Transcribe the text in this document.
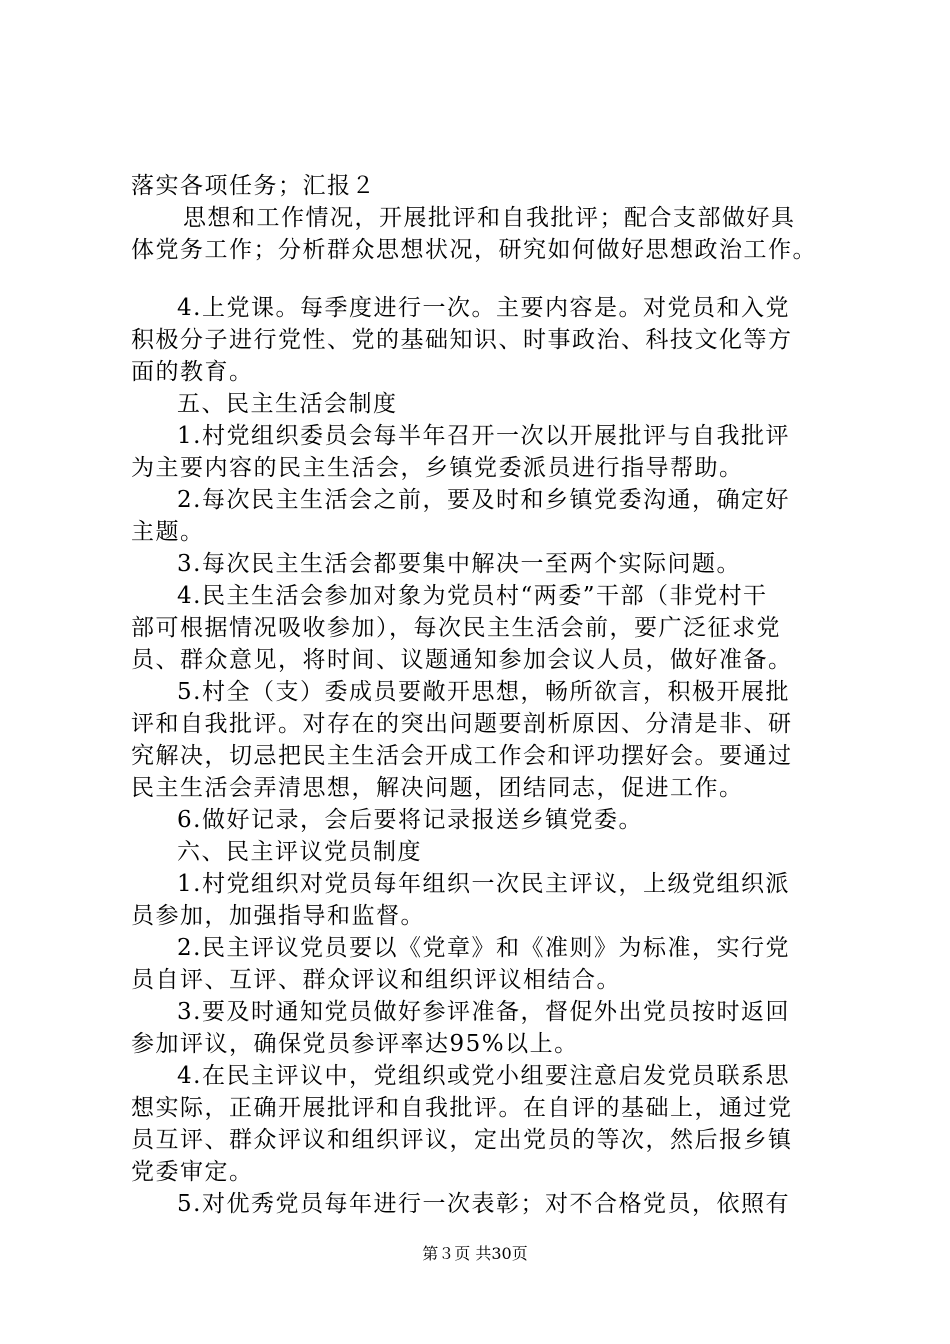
落实各项任务；汇报２
思想和工作情况，开展批评和自我批评；配合支部做好具
体党务工作；分析群众思想状况，研究如何做好思想政治工作。
4.上党课。每季度进行一次。主要内容是。对党员和入党
积极分子进行党性、党的基础知识、时事政治、科技文化等方
面的教育。
五、民主生活会制度
1.村党组织委员会每半年召开一次以开展批评与自我批评
为主要内容的民主生活会，乡镇党委派员进行指导帮助。
2.每次民主生活会之前，要及时和乡镇党委沟通，确定好
主题。
3.每次民主生活会都要集中解决一至两个实际问题。
4.民主生活会参加对象为党员村“两委”干部（非党村干
部可根据情况吸收参加），每次民主生活会前，要广泛征求党
员、群众意见，将时间、议题通知参加会议人员，做好准备。
5.村全（支）委成员要敞开思想，畅所欲言，积极开展批
评和自我批评。对存在的突出问题要剖析原因、分清是非、研
究解决，切忌把民主生活会开成工作会和评功摆好会。要通过
民主生活会弄清思想，解决问题，团结同志，促进工作。
6.做好记录，会后要将记录报送乡镇党委。
六、民主评议党员制度
1.村党组织对党员每年组织一次民主评议，上级党组织派
员参加，加强指导和监督。
2.民主评议党员要以《党章》和《准则》为标准，实行党
员自评、互评、群众评议和组织评议相结合。
3.要及时通知党员做好参评准备，督促外出党员按时返回
参加评议，确保党员参评率达95%以上。
4.在民主评议中，党组织或党小组要注意启发党员联系思
想实际，正确开展批评和自我批评。在自评的基础上，通过党
员互评、群众评议和组织评议，定出党员的等次，然后报乡镇
党委审定。
5.对优秀党员每年进行一次表彰；对不合格党员，依照有
第３页 共30页
